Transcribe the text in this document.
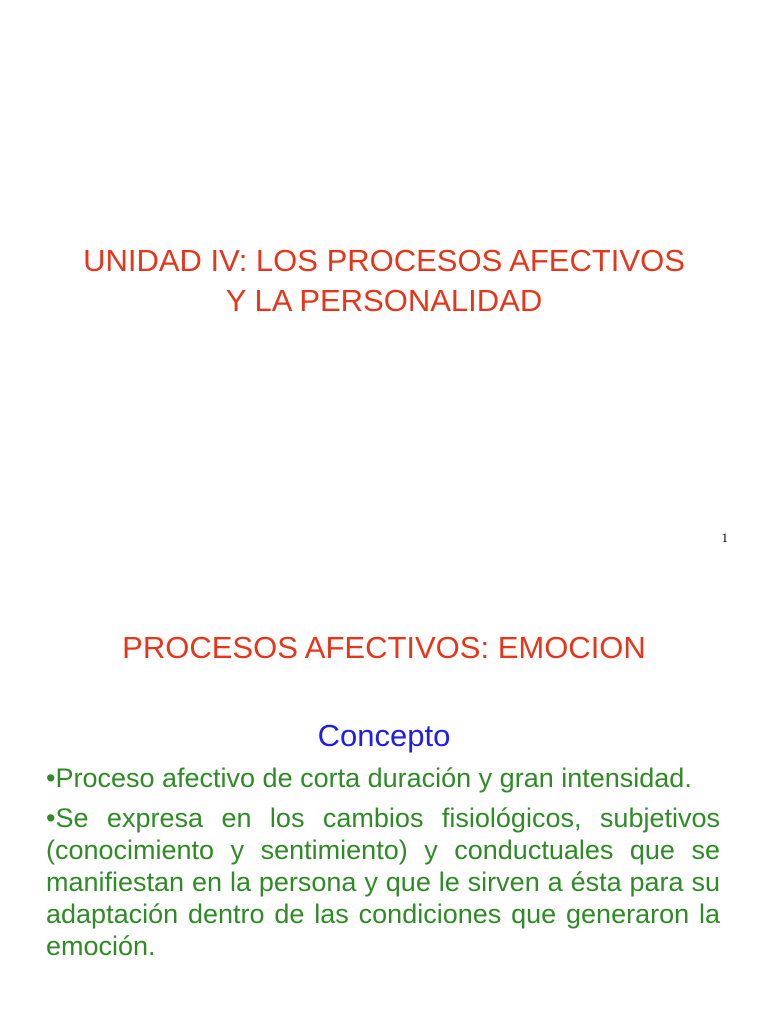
UNIDAD IV: LOS PROCESOS AFECTIVOS
Y LA PERSONALIDAD
1
PROCESOS AFECTIVOS: EMOCION
Concepto

•Proceso afectivo de corta duración y gran intensidad.

•Se expresa en los cambios fisiológicos, subjetivos (conocimiento y sentimiento) y conductuales que se manifiestan en la persona y que le sirven a ésta para su adaptación dentro de las condiciones que generaron la emoción.
